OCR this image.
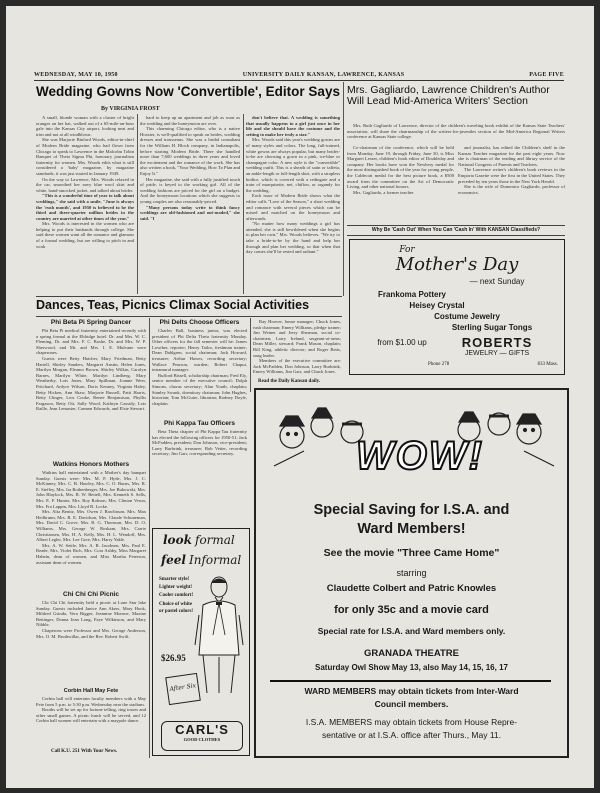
WEDNESDAY, MAY 10, 1950	UNIVERSITY DAILY KANSAN, LAWRENCE, KANSAS	PAGE FIVE
Wedding Gowns Now 'Convertible', Editor Says
By VIRGINIA FROST

A small, blonde woman with a cluster of bright oranges on her hat, walked out of a 65-mile-an-hour gale into the Kansas City airport, looking neat and trim and not at all windblown.

She was Marjorie Binford Woods, editor-in-chief of Modern Bride magazine, who had flown from Chicago to speak to Lawrence in the Malcolm Tobin Banquet of Theta Sigma Phi, honorary journalism fraternity for women. Mrs. Woods edits what is still considered a 'baby' magazine, by magazine standards; it was just started in January 1949.

On the way to Lawrence, Mrs. Woods relaxed in the car, smoothed her navy blue wool skirt and white, hand-smocked jacket, and talked about brides.

"This is a wonderful time of year to talk about weddings," she said with a smile. "June is always the 'rush month', and 1950 is believed to be the third and three-quarter million brides in the country are married at other times of the year."

Mrs. Woods is interested in the women who are helping to put their husbands through college. She said these women want all the romance and glamour of a formal wedding, but are willing to pitch in and work

hard to keep up an apartment and job as soon as the wedding and the honeymoon are over.

This charming Chicago editor, who is a native Hoosier, is well-qualified to speak on brides, wedding dresses and trousseaus. She was a bridal consultant for the William H. Block company, in Indianapolis, before starting Modern Bride. There she handled more than 7,600 weddings in three years and loved the excitement and the romance of the work. She has also written a book, "Your Wedding, How To Plan and Enjoy It."

Her magazine, she said with a fully justified touch of pride, is keyed to the working girl. All of the wedding fashions are priced for the girl on a budget. And the honeymoon locations which she suggests to young couples are also reasonably-priced.

"Many persons today write to think fancy weddings are old-fashioned and out-moded," she said. "I

don't believe that. A wedding is something that usually happens to a girl just once in her life and she should have the costume and the setting to make her truly a star."

Mrs. Woods said this year's wedding gowns are of many styles and colors. The long, full-trained, white gowns are always popular, but many brides-to-be are choosing a gown in a pink, ice-blue or champagne color. A new style is the "convertible" wedding outfit. This is a sheath of satin or taffeta, an ankle-length or full-length skirt, with a strapless bodice, which is covered with a redingote and a train of marquisette, net, chiffon, or organdy for the wedding.

Each issue of Modern Bride shows what the editor calls "Love of the Season," a short wedding and romance with several pieces which can be mixed and matched on the honeymoon and afterwards.

"No matter how many weddings a girl has attended, she is still bewildered when she begins to plan her own," Mrs. Woods believes. "We try to take a bride-to-be by the hand and help her through and plan her wedding, so that when that day comes she'll be rested and radiant."

Mrs. Gagliardo, Lawrence Children's Author Will Lead Mid-America Writers' Section

Mrs. Ruth Gagliardo of Lawrence, director of the children's traveling book exhibit of the Kansas State Teachers' association, will share the chairmanship of the writers-for-juveniles section of the Mid-America Regional Writers conference at Kansas State college.

Co-chairman of the conference, which will be held from Monday, June 19, through Friday, June 30, is Miss Margaret Lesser, children's book editor of Doubleday and company. Her books have won the Newbery medal for the most distinguished book of the year for young people, the Caldecott medal for the best picture book, a $500 award from the committee on the Art of Democratic Living, and other national honors.

Mrs. Gagliardo, a former teacher

and journalist, has edited the Children's shelf in the Kansas Teacher magazine for the past eight years. Now she is chairman of the reading and library service of the National Congress of Parents and Teachers.

The Lawrence writer's children's book reviews in the Emporia Gazette were the first in the United States. They preceded by ten years those in the New York Herald.

She is the wife of Domenico Gagliardo, professor of economics.

Why Be 'Cash Out' When You Can 'Cash In' With KANSAN Classifieds?
For
Mother's Day
— next Sunday
Frankoma Pottery
Heisey Crystal
Costume Jewelry
Sterling Sugar Tongs
from $1.00 up	ROBERTS
JEWELRY — GIFTS
Phone 278	833 Mass.
Dances, Teas, Picnics Climax Social Activities
Phi Beta Pi Spring Dancer

Phi Beta Pi medical fraternity entertained recently with a spring formal at the Eldridge hotel. Dr. and Mrs. W. C. Fleming, Dr. and Mrs. F. C. Boshe, Dr. and Mrs. W. P. Sherwood, and Mr. and Mrs. I. E. Mulvane were chaperones.

Guests were Betty Hatcher, Mary Friedman, Betty Hartell, Shirley Sanders, Margaret Anstin, Helen Jones, Marilyn Morgan, Eleanor Brown, Shirley Wilkin, Carolyn Barnes, Marilyn White, Marilyn Lindberg, Mary Weatherby, Lois Jones, Mary Spillman, Joanne Weer, Pritchard, Ardyce Wilson, Doris Kenney, Virginia Haley, Betty Hicken, Ann Shaw, Marjorie Russell, Patti Harris, Betty Clinger, Lois Cooke, Renee Benjamison, Phyllis Fargason, Betty Ott, Sally Wood, Kathryn Cassidy, Lois Raille, Jean Lemaster, Carmen Edwards, and Elsie Stewart.

Watkins Honors Mothers

Watkins hall entertained with a Mother's day banquet Sunday. Guests were: Mrs. M. F. Hyde, Mrs. J. C. McKinney, Mrs. C. B. Hawley, Mrs. C. O. Burns, Mrs. R. E. Steffey, Mrs. Ira Rothenberger, Mrs. Joe Bukowski, Mrs. John Blaylock, Mrs. R. W. Bettell, Mrs. Kenneth S. Sells, Mrs. E. F. Hunter, Mrs. Roy Robson, Mrs. Clinton Veron, Mrs. Fra Lappin, Mrs. Lloyd B. Locke.

Mrs. Alta Benitz, Mrs. Owen J. Rawlinson, Mrs. Max Heilbrunn, Mrs. R. E. Davidson, Mrs. Claude Schuneman, Mrs. David C. Grove, Mrs. R. G. Thomson, Mrs. D. O. Williams, Mrs. George W. Roskam, Mrs. Carrie Christiansen, Mrs. H. A. Kelly, Mrs. H. L. Wendoff, Mrs. Albert Legler, Mrs. Lee Gore, Mrs. Harry Yakle.

Mrs. A. W. Settle, Mrs. A. R. Jacobsen, Mrs. Paul E. Reade, Mrs. Violet Rich, Mrs. Cora Ashby, Miss Margaret Habein, dean of women, and Miss Martha Peterson, assistant dean of women.

Chi Chi Chi Picnic

Chi Chi Chi fraternity held a picnic at Lone Star lake Sunday. Guests included Janice Ann Akers, Mary Hook, Mildred Gsinda, Vera Bigger, Jeannine Monroe, Maxine Bettinger, Donna Jean Long, Faye Wilkinson, and Mary Nibble.

Chaperons were Professor and Mrs. George Anderson, Mrs. O. M. Bruthwillar, and the Rev. Robert Swift.

Corbin Hall May Fete

Corbin hall will entertain faculty members with a May Fete from 5 p.m. to 5:30 p.m. Wednesday near the stadium.

Booths will be set up for fortune telling, ring tosses and other small games. A picnic lunch will be served, and 12 Corbin hall women will entertain with a maypole dance.

Call K.U. 251 With Your News.
Phi Delts Choose Officers

Charles Ball, business junior, was elected president of Phi Delta Theta fraternity Monday. Other officers for the fall semester will be: James Lowther, reporter; Henry Tailor, freshman trainer; Dean Dahlgren, social chairman; Jack Howard, treasurer; Arthur Hawes, recording secretary; Wallace Pearson, warden; Robert Chaput, intramural manager.

Bufford Bissell, scholarship chairman; Fred Ely, senior member of the executive council; Dolph Simons, chorus secretary; Alan Youth, chaplain; Stanley Swank, dormitory chairman; John Hughes, historian; Tom McGuire, librarian; Rodney Doyle, chaplain.

Phi Kappa Tau Officers

Beta Theta chapter of Phi Kappa Tau fraternity has elected the following officers for 1950-51: Jack McFadden, president; Don Johnson, vice-president; Larry Burbrink, treasurer; Bob Vetter, recording secretary; Jim Garr, corresponding secretary.

Ray Hoover, house manager; Chuck Jones, rush chairman; Emery Williams, pledge trainer; Jim Weiner and Jerry Sherman, social co-chairmen; Larry Ireland, sergeant-at-arms; Dean Miller, steward; Frank Mason, chaplain; Bill King, athletic director; and Roger Betts, song leader.

Members of the executive committee are: Jack McFadden, Don Johnson, Larry Burbrink, Emery Williams, Jim Garr, and Chuck Jones.

Read the Daily Kansan daily.
look formal
feel Informal
Smarter style!
Lighter weight!
Cooler comfort!
Choice of white or pastel colors!
$26.95
After Six
CARL'S
GOOD CLOTHES
WOW!
Special Saving for I.S.A. and
Ward Members!
See the movie "Three Came Home"
starring
Claudette Colbert and Patric Knowles
for only 35c and a movie card
Special rate for I.S.A. and Ward members only.
GRANADA THEATRE
Saturday Owl Show May 13, also May 14, 15, 16, 17
WARD MEMBERS may obtain tickets from Inter-Ward
Council members.
I.S.A. MEMBERS may obtain tickets from House Repre-
sentative or at I.S.A. office after Thurs., May 11.
